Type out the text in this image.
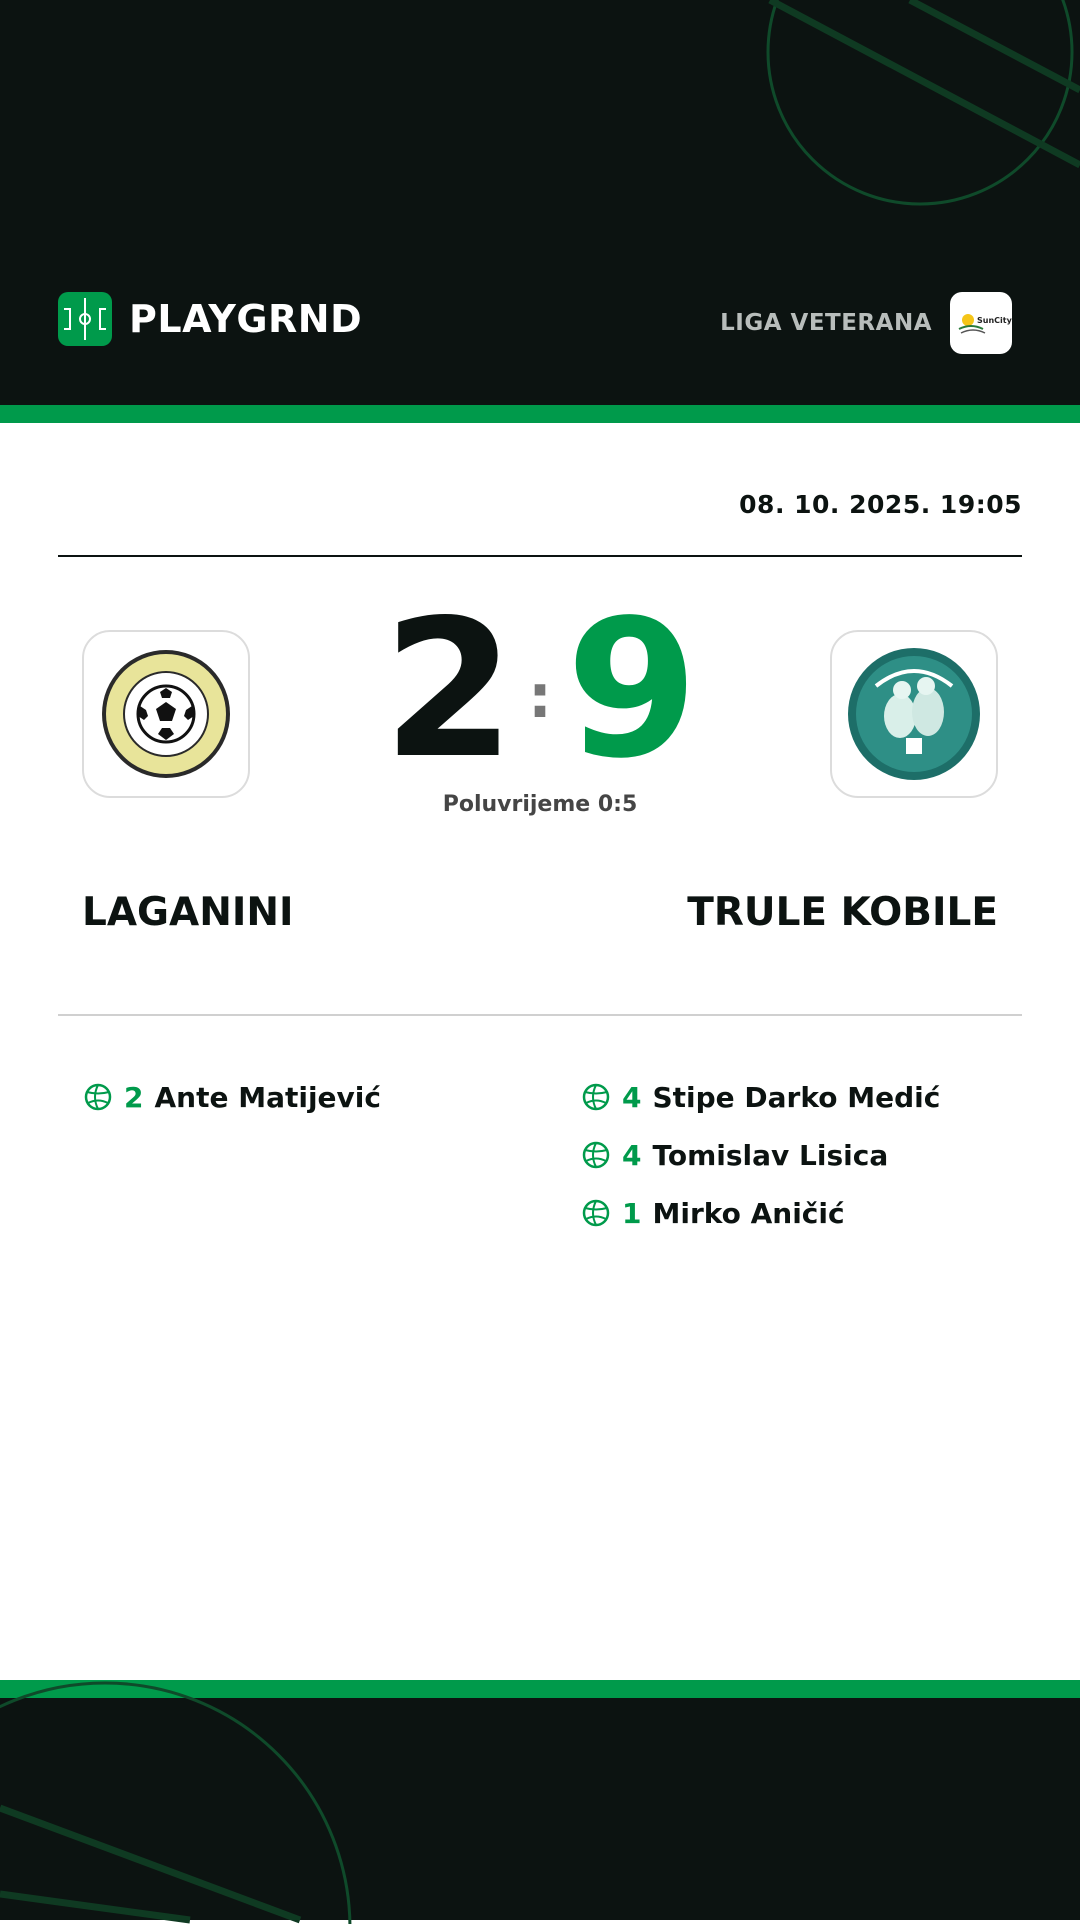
PLAYGRND	LIGA VETERANA	SunCity
08. 10. 2025. 19:05
2 : 9
Poluvrijeme 0:5
LAGANINI	TRULE KOBILE
2 Ante Matijević	4 Stipe Darko Medić
4 Tomislav Lisica
1 Mirko Aničić
